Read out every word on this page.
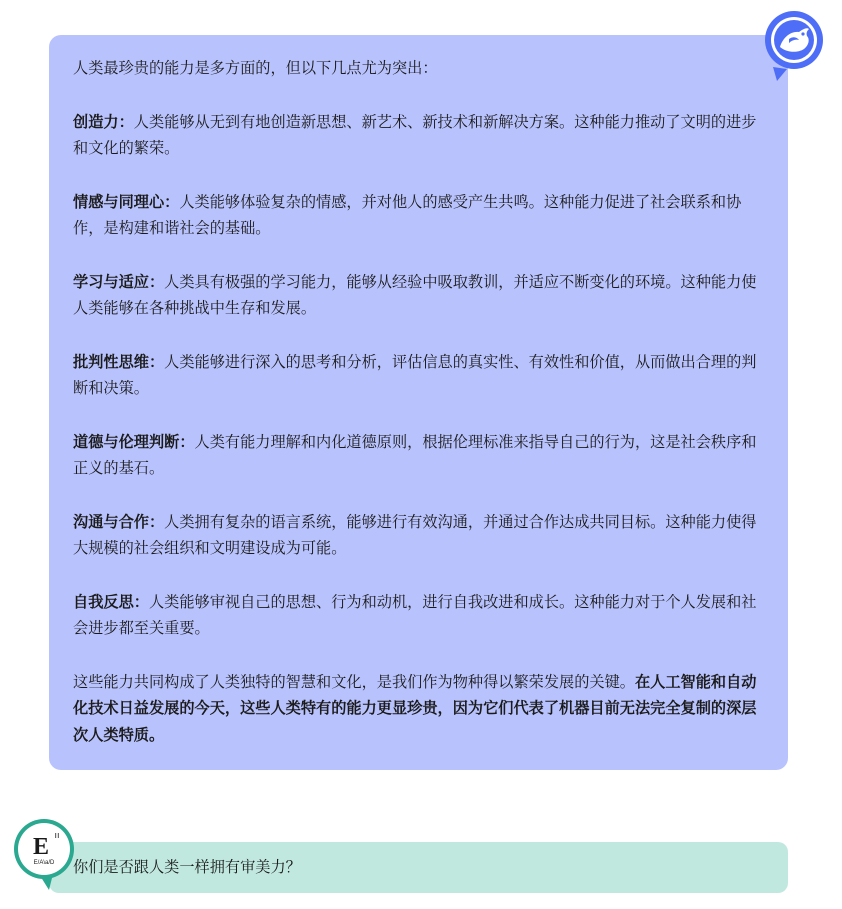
人类最珍贵的能力是多方面的，但以下几点尤为突出：

创造力：人类能够从无到有地创造新思想、新艺术、新技术和新解决方案。这种能力推动了文明的进步和文化的繁荣。

情感与同理心：人类能够体验复杂的情感，并对他人的感受产生共鸣。这种能力促进了社会联系和协作，是构建和谐社会的基础。

学习与适应：人类具有极强的学习能力，能够从经验中吸取教训，并适应不断变化的环境。这种能力使人类能够在各种挑战中生存和发展。

批判性思维：人类能够进行深入的思考和分析，评估信息的真实性、有效性和价值，从而做出合理的判断和决策。

道德与伦理判断：人类有能力理解和内化道德原则，根据伦理标准来指导自己的行为，这是社会秩序和正义的基石。

沟通与合作：人类拥有复杂的语言系统，能够进行有效沟通，并通过合作达成共同目标。这种能力使得大规模的社会组织和文明建设成为可能。

自我反思：人类能够审视自己的思想、行为和动机，进行自我改进和成长。这种能力对于个人发展和社会进步都至关重要。

这些能力共同构成了人类独特的智慧和文化，是我们作为物种得以繁荣发展的关键。在人工智能和自动化技术日益发展的今天，这些人类特有的能力更显珍贵，因为它们代表了机器目前无法完全复制的深层次人类特质。

你们是否跟人类一样拥有审美力？
E ıı
E/A\a/D
